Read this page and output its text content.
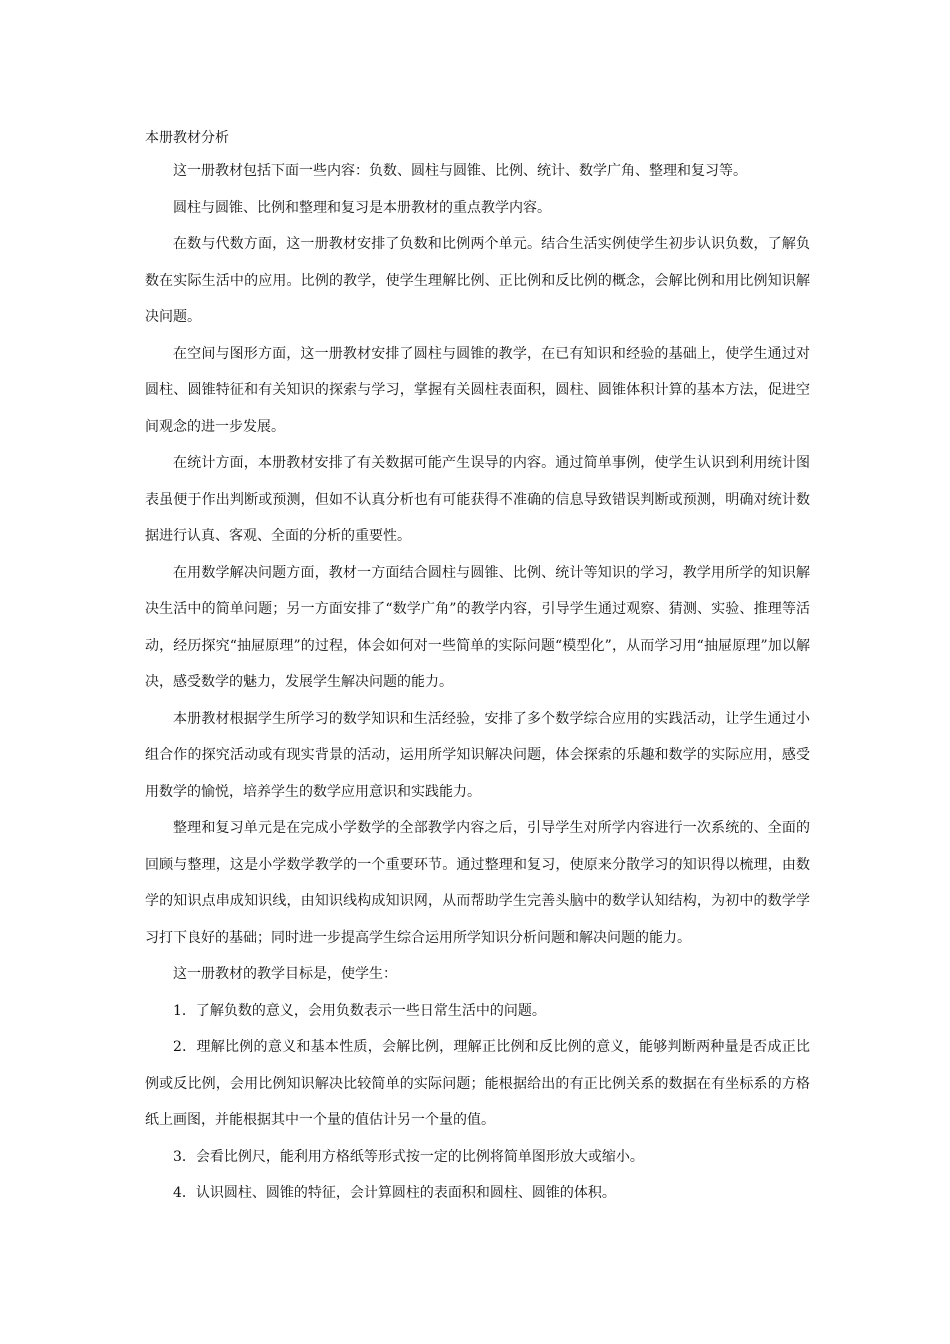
本册教材分析

这一册教材包括下面一些内容：负数、圆柱与圆锥、比例、统计、数学广角、整理和复习等。

圆柱与圆锥、比例和整理和复习是本册教材的重点教学内容。

在数与代数方面，这一册教材安排了负数和比例两个单元。结合生活实例使学生初步认识负数，了解负数在实际生活中的应用。比例的教学，使学生理解比例、正比例和反比例的概念，会解比例和用比例知识解决问题。

在空间与图形方面，这一册教材安排了圆柱与圆锥的教学，在已有知识和经验的基础上，使学生通过对圆柱、圆锥特征和有关知识的探索与学习，掌握有关圆柱表面积，圆柱、圆锥体积计算的基本方法，促进空间观念的进一步发展。

在统计方面，本册教材安排了有关数据可能产生误导的内容。通过简单事例，使学生认识到利用统计图表虽便于作出判断或预测，但如不认真分析也有可能获得不准确的信息导致错误判断或预测，明确对统计数据进行认真、客观、全面的分析的重要性。

在用数学解决问题方面，教材一方面结合圆柱与圆锥、比例、统计等知识的学习，教学用所学的知识解决生活中的简单问题；另一方面安排了“数学广角”的教学内容，引导学生通过观察、猜测、实验、推理等活动，经历探究“抽屉原理”的过程，体会如何对一些简单的实际问题“模型化”，从而学习用“抽屉原理”加以解决，感受数学的魅力，发展学生解决问题的能力。

本册教材根据学生所学习的数学知识和生活经验，安排了多个数学综合应用的实践活动，让学生通过小组合作的探究活动或有现实背景的活动，运用所学知识解决问题，体会探索的乐趣和数学的实际应用，感受用数学的愉悦，培养学生的数学应用意识和实践能力。

整理和复习单元是在完成小学数学的全部教学内容之后，引导学生对所学内容进行一次系统的、全面的回顾与整理，这是小学数学教学的一个重要环节。通过整理和复习，使原来分散学习的知识得以梳理，由数学的知识点串成知识线，由知识线构成知识网，从而帮助学生完善头脑中的数学认知结构，为初中的数学学习打下良好的基础；同时进一步提高学生综合运用所学知识分析问题和解决问题的能力。

这一册教材的教学目标是，使学生：

1．了解负数的意义，会用负数表示一些日常生活中的问题。

2．理解比例的意义和基本性质，会解比例，理解正比例和反比例的意义，能够判断两种量是否成正比例或反比例，会用比例知识解决比较简单的实际问题；能根据给出的有正比例关系的数据在有坐标系的方格纸上画图，并能根据其中一个量的值估计另一个量的值。

3．会看比例尺，能利用方格纸等形式按一定的比例将简单图形放大或缩小。

4．认识圆柱、圆锥的特征，会计算圆柱的表面积和圆柱、圆锥的体积。
